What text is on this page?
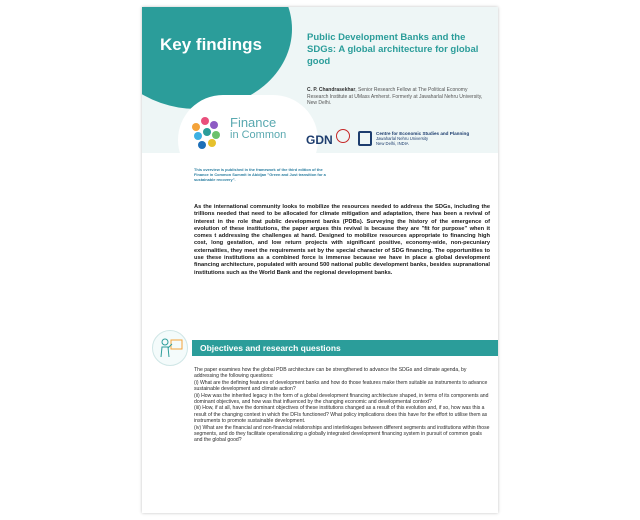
Key findings
Finance
in Common
Public Development Banks and the SDGs: A global architecture for global good
C. P. Chandrasekhar, Senior Research Fellow at The Political Economy Research Institute at UMass Amherst. Formerly at Jawaharlal Nehru University, New Delhi.
GDN	Centre for Economic Studies and Planning
Jawaharlal Nehru University
New Delhi, INDIA
This overview is published in the framework of the third edition of the Finance in Common Summit in Abidjan "Green and Just transition for a sustainable recovery".
As the international community looks to mobilize the resources needed to address the SDGs, including the trillions needed that need to be allocated for climate mitigation and adaptation, there has been a revival of interest in the role that public development banks (PDBs). Surveying the history of the emergence of evolution of these institutions, the paper argues this revival is because they are "fit for purpose" when it comes t addressing the challenges at hand. Designed to mobilize resources appropriate to financing high cost, long gestation, and low return projects with significant positive, economy-wide, non-pecuniary externalities, they meet the requirements set by the special character of SDG financing. The opportunities to use these institutions as a combined force is immense because we have in place a global development financing architecture, populated with around 500 national public development banks, besides supranational institutions such as the World Bank and the regional development banks.
Objectives and research questions

The paper examines how the global PDB architecture can be strengthened to advance the SDGs and climate agenda, by addressing the following questions:

(i) What are the defining features of development banks and how do those features make them suitable as instruments to advance sustainable development and climate action?

(ii) How was the inherited legacy in the form of a global development financing architecture shaped, in terms of its components and dominant objectives, and how was that influenced by the changing economic and developmental context?

(iii) How, if at all, have the dominant objectives of these institutions changed as a result of this evolution and, if so, how was this a result of the changing context in which the DFIs functioned? What policy implications does this have for the effort to utilise them as instruments to promote sustainable development.

(iv) What are the financial and non-financial relationships and interlinkages between different segments and institutions within those segments, and do they facilitate operationalizing a globally integrated development financing system in pursuit of common goals and the global good?
